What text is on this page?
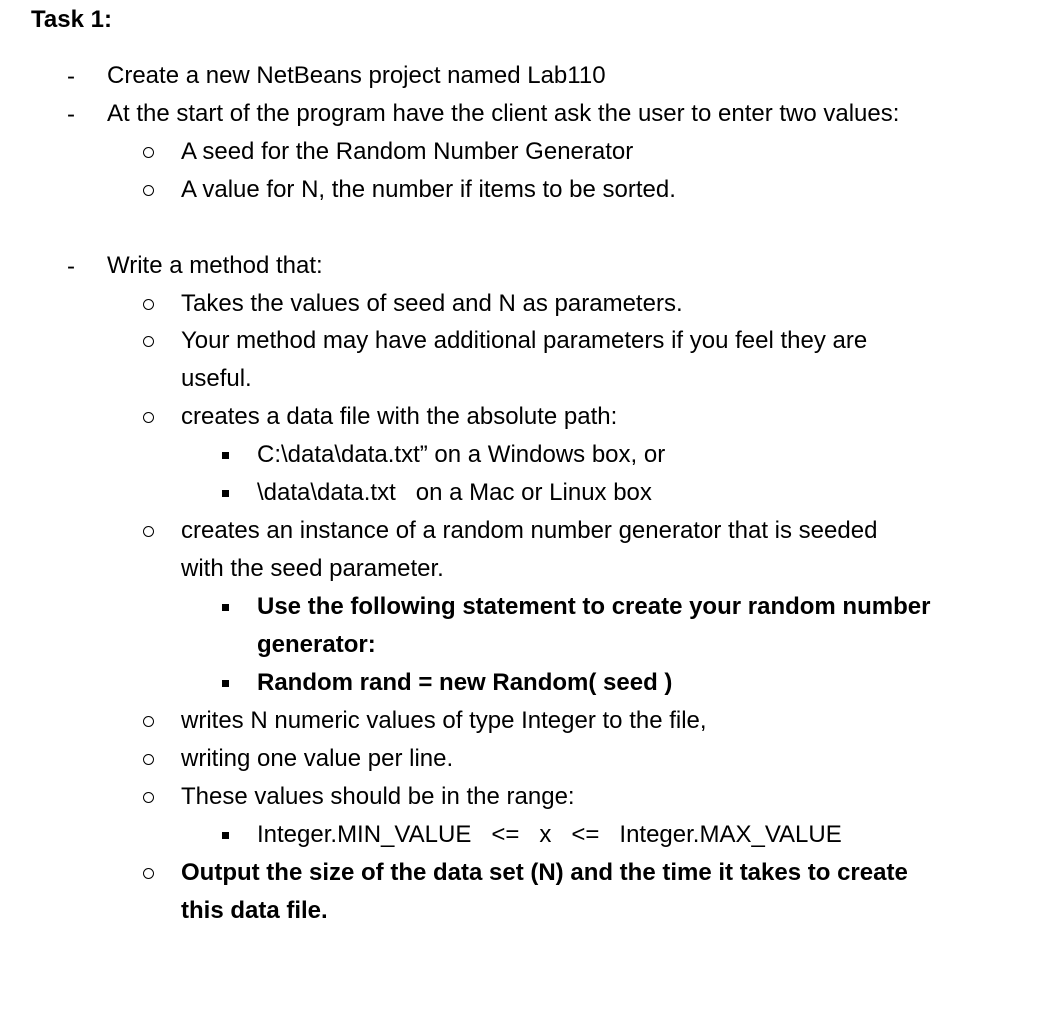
Task 1:
- Create a new NetBeans project named Lab110
- At the start of the program have the client ask the user to enter two values:
A seed for the Random Number Generator
A value for N, the number if items to be sorted.
- Write a method that:
Takes the values of seed and N as parameters.
Your method may have additional parameters if you feel they are
useful.
creates a data file with the absolute path:
C:\data\data.txt” on a Windows box, or
\data\data.txt   on a Mac or Linux box
creates an instance of a random number generator that is seeded
with the seed parameter.
Use the following statement to create your random number
generator:
Random rand = new Random( seed )
writes N numeric values of type Integer to the file,
writing one value per line.
These values should be in the range:
Integer.MIN_VALUE   <=   x   <=   Integer.MAX_VALUE
Output the size of the data set (N) and the time it takes to create
this data file.
